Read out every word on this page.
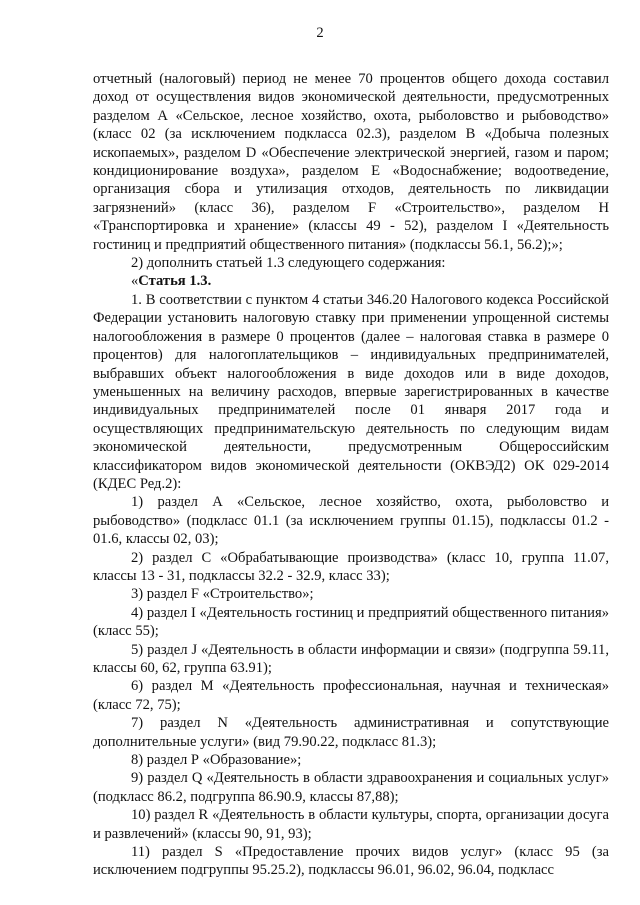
2

отчетный (налоговый) период не менее 70 процентов общего дохода составил доход от осуществления видов экономической деятельности, предусмотренных разделом А «Сельское, лесное хозяйство, охота, рыболовство и рыбоводство» (класс 02 (за исключением подкласса 02.3), разделом В «Добыча полезных ископаемых», разделом D «Обеспечение электрической энергией, газом и паром; кондиционирование воздуха», разделом Е «Водоснабжение; водоотведение, организация сбора и утилизация отходов, деятельность по ликвидации загрязнений» (класс 36), разделом F «Строительство», разделом H «Транспортировка и хранение» (классы 49 - 52), разделом I «Деятельность гостиниц и предприятий общественного питания» (подклассы 56.1, 56.2);»;

2) дополнить статьей 1.3 следующего содержания:

«Статья 1.3.

1. В соответствии с пунктом 4 статьи 346.20 Налогового кодекса Российской Федерации установить налоговую ставку при применении упрощенной системы налогообложения в размере 0 процентов (далее – налоговая ставка в размере 0 процентов) для налогоплательщиков – индивидуальных предпринимателей, выбравших объект налогообложения в виде доходов или в виде доходов, уменьшенных на величину расходов, впервые зарегистрированных в качестве индивидуальных предпринимателей после 01 января 2017 года и осуществляющих предпринимательскую деятельность по следующим видам экономической деятельности, предусмотренным Общероссийским классификатором видов экономической деятельности (ОКВЭД2) ОК 029-2014 (КДЕС Ред.2):

1) раздел А «Сельское, лесное хозяйство, охота, рыболовство и рыбоводство» (подкласс 01.1 (за исключением группы 01.15), подклассы 01.2 - 01.6, классы 02, 03);

2) раздел С «Обрабатывающие производства» (класс 10, группа 11.07, классы 13 - 31, подклассы 32.2 - 32.9, класс 33);

3) раздел F «Строительство»;

4) раздел I «Деятельность гостиниц и предприятий общественного питания» (класс 55);

5) раздел J «Деятельность в области информации и связи» (подгруппа 59.11, классы 60, 62, группа 63.91);

6) раздел М «Деятельность профессиональная, научная и техническая» (класс 72, 75);

7) раздел N «Деятельность административная и сопутствующие дополнительные услуги» (вид 79.90.22, подкласс 81.3);

8) раздел Р «Образование»;

9) раздел Q «Деятельность в области здравоохранения и социальных услуг» (подкласс 86.2, подгруппа 86.90.9, классы 87,88);

10) раздел R «Деятельность в области культуры, спорта, организации досуга и развлечений» (классы 90, 91, 93);

11) раздел S «Предоставление прочих видов услуг» (класс 95 (за исключением подгруппы 95.25.2), подклассы 96.01, 96.02, 96.04, подкласс
